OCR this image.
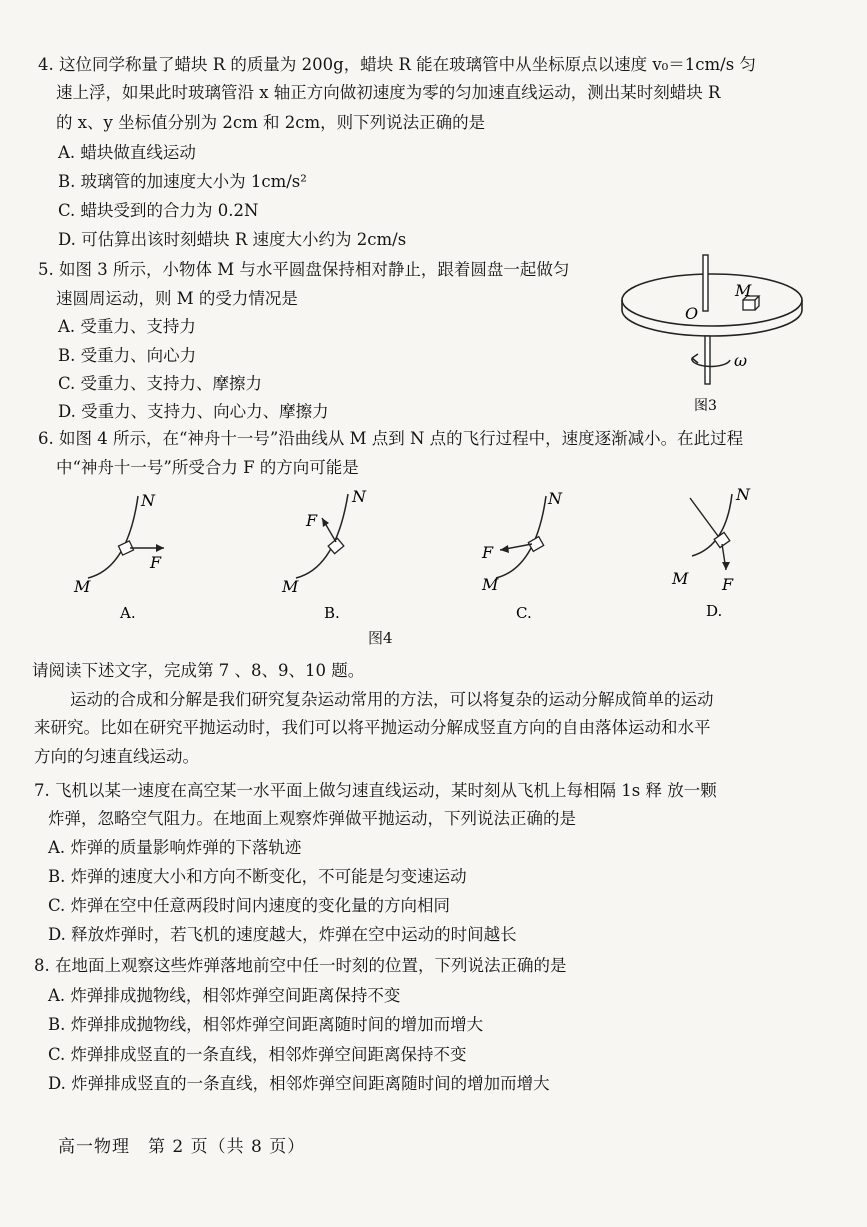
4. 这位同学称量了蜡块 R 的质量为 200g，蜡块 R 能在玻璃管中从坐标原点以速度 v₀＝1cm/s 匀
速上浮，如果此时玻璃管沿 x 轴正方向做初速度为零的匀加速直线运动，测出某时刻蜡块 R
的 x、y 坐标值分别为 2cm 和 2cm，则下列说法正确的是
A. 蜡块做直线运动
B. 玻璃管的加速度大小为 1cm/s²
C. 蜡块受到的合力为 0.2N
D. 可估算出该时刻蜡块 R 速度大小约为 2cm/s
5. 如图 3 所示，小物体 M 与水平圆盘保持相对静止，跟着圆盘一起做匀
速圆周运动，则 M 的受力情况是
A. 受重力、支持力
B. 受重力、向心力
C. 受重力、支持力、摩擦力
D. 受重力、支持力、向心力、摩擦力
O
M
ω
图3
6. 如图 4 所示，在“神舟十一号”沿曲线从 M 点到 N 点的飞行过程中，速度逐渐减小。在此过程
中“神舟十一号”所受合力 F 的方向可能是
N
F
M
A.
N
F
M
B.
N
F
M
C.
N
F
M
D.
图4
请阅读下述文字，完成第 7 、8、9、10 题。
运动的合成和分解是我们研究复杂运动常用的方法，可以将复杂的运动分解成简单的运动
来研究。比如在研究平抛运动时，我们可以将平抛运动分解成竖直方向的自由落体运动和水平
方向的匀速直线运动。
7. 飞机以某一速度在高空某一水平面上做匀速直线运动，某时刻从飞机上每相隔 1s 释 放一颗
炸弹，忽略空气阻力。在地面上观察炸弹做平抛运动，下列说法正确的是
A. 炸弹的质量影响炸弹的下落轨迹
B. 炸弹的速度大小和方向不断变化，不可能是匀变速运动
C. 炸弹在空中任意两段时间内速度的变化量的方向相同
D. 释放炸弹时，若飞机的速度越大，炸弹在空中运动的时间越长
8. 在地面上观察这些炸弹落地前空中任一时刻的位置，下列说法正确的是
A. 炸弹排成抛物线，相邻炸弹空间距离保持不变
B. 炸弹排成抛物线，相邻炸弹空间距离随时间的增加而增大
C. 炸弹排成竖直的一条直线，相邻炸弹空间距离保持不变
D. 炸弹排成竖直的一条直线，相邻炸弹空间距离随时间的增加而增大
高一物理　第 2 页（共 8 页）
